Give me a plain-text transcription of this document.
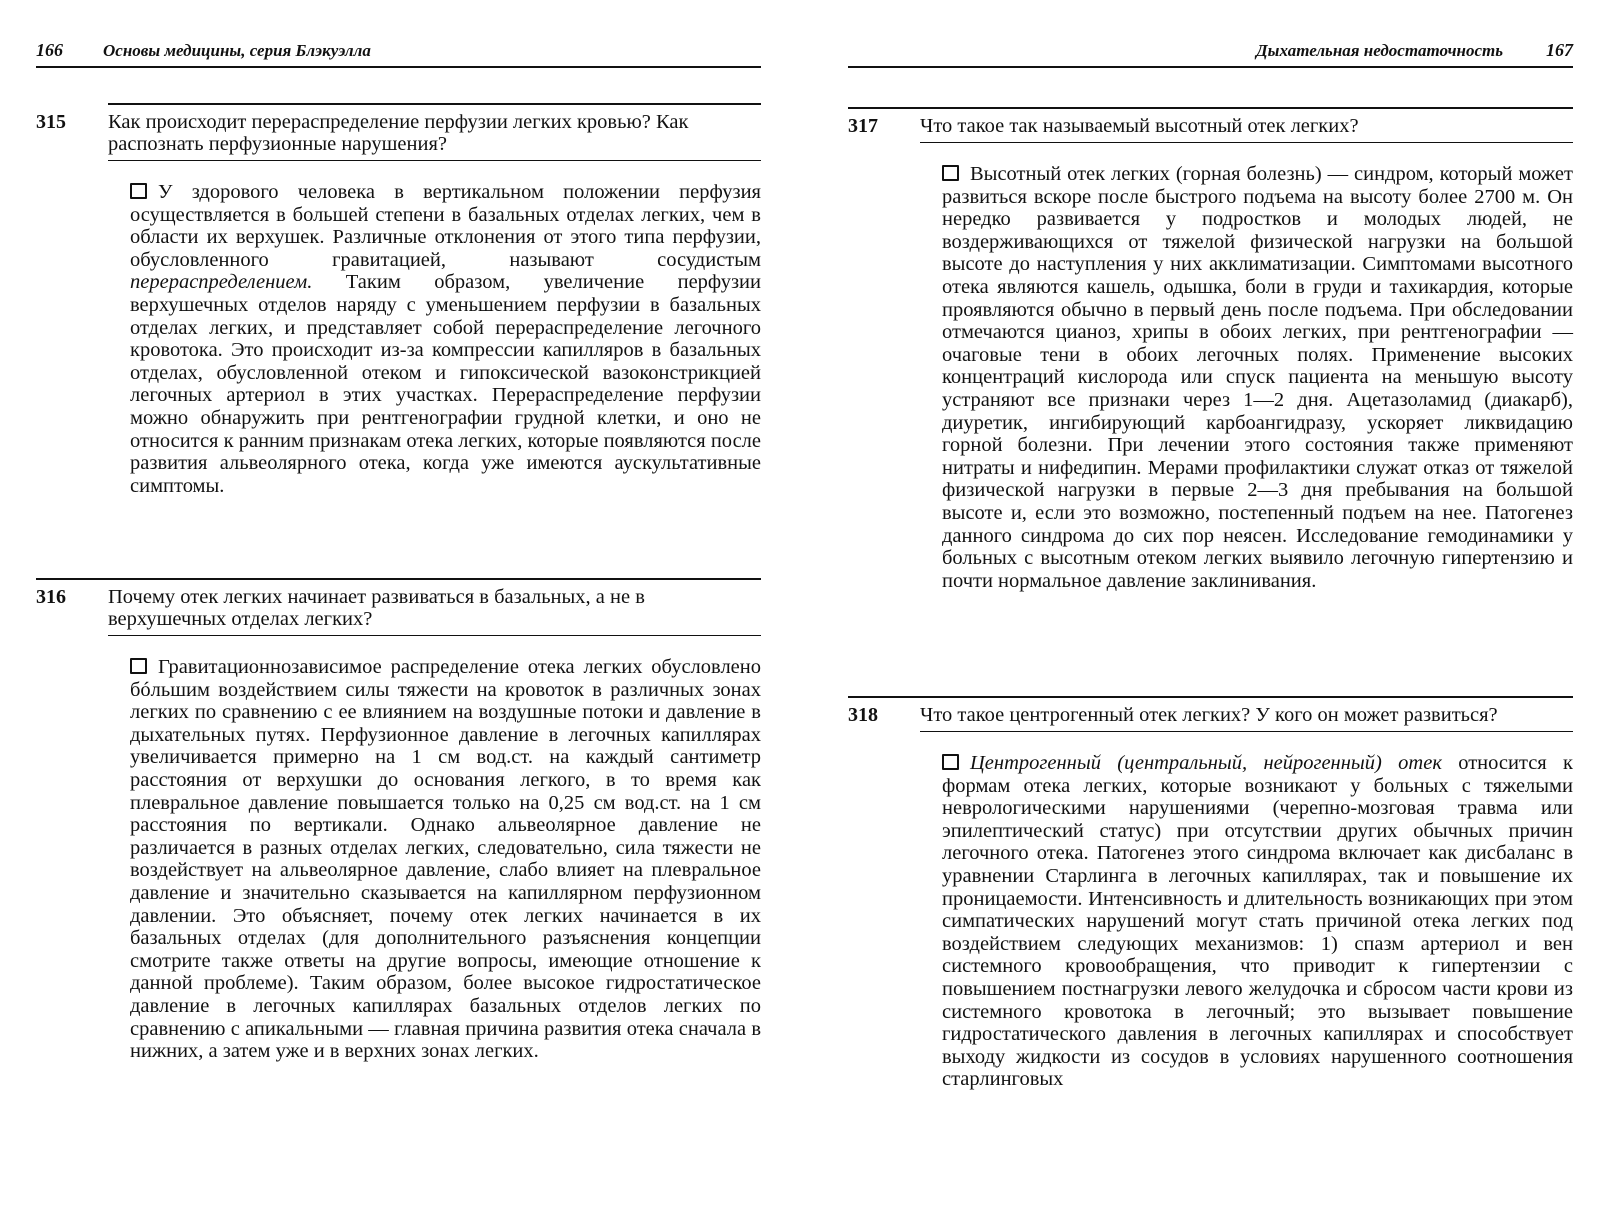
166 Основы медицины, серия Блэкуэлла
315 Как происходит перераспределение перфузии легких кровью? Как распознать перфузионные нарушения?
У здорового человека в вертикальном положении перфузия осуществляется в большей степени в базальных отделах легких, чем в области их верхушек. Различные отклонения от этого типа перфузии, обусловленного гравитацией, называют сосудистым перераспределением. Таким образом, увеличение перфузии верхушечных отделов наряду с уменьшением перфузии в базальных отделах легких, и представляет собой перераспределение легочного кровотока. Это происходит из-за компрессии капилляров в базальных отделах, обусловленной отеком и гипоксической вазоконстрикцией легочных артериол в этих участках. Перераспределение перфузии можно обнаружить при рентгенографии грудной клетки, и оно не относится к ранним признакам отека легких, которые появляются после развития альвеолярного отека, когда уже имеются аускультативные симптомы.
316 Почему отек легких начинает развиваться в базальных, а не в верхушечных отделах легких?
Гравитационнозависимое распределение отека легких обусловлено бóльшим воздействием силы тяжести на кровоток в различных зонах легких по сравнению с ее влиянием на воздушные потоки и давление в дыхательных путях. Перфузионное давление в легочных капиллярах увеличивается примерно на 1 см вод.ст. на каждый сантиметр расстояния от верхушки до основания легкого, в то время как плевральное давление повышается только на 0,25 см вод.ст. на 1 см расстояния по вертикали. Однако альвеолярное давление не различается в разных отделах легких, следовательно, сила тяжести не воздействует на альвеолярное давление, слабо влияет на плевральное давление и значительно сказывается на капиллярном перфузионном давлении. Это объясняет, почему отек легких начинается в их базальных отделах (для дополнительного разъяснения концепции смотрите также ответы на другие вопросы, имеющие отношение к данной проблеме). Таким образом, более высокое гидростатическое давление в легочных капиллярах базальных отделов легких по сравнению с апикальными — главная причина развития отека сначала в нижних, а затем уже и в верхних зонах легких.
Дыхательная недостаточность 167
317 Что такое так называемый высотный отек легких?
Высотный отек легких (горная болезнь) — синдром, который может развиться вскоре после быстрого подъема на высоту более 2700 м. Он нередко развивается у подростков и молодых людей, не воздерживающихся от тяжелой физической нагрузки на большой высоте до наступления у них акклиматизации. Симптомами высотного отека являются кашель, одышка, боли в груди и тахикардия, которые проявляются обычно в первый день после подъема. При обследовании отмечаются цианоз, хрипы в обоих легких, при рентгенографии — очаговые тени в обоих легочных полях. Применение высоких концентраций кислорода или спуск пациента на меньшую высоту устраняют все признаки через 1—2 дня. Ацетазоламид (диакарб), диуретик, ингибирующий карбоангидразу, ускоряет ликвидацию горной болезни. При лечении этого состояния также применяют нитраты и нифедипин. Мерами профилактики служат отказ от тяжелой физической нагрузки в первые 2—3 дня пребывания на большой высоте и, если это возможно, постепенный подъем на нее. Патогенез данного синдрома до сих пор неясен. Исследование гемодинамики у больных с высотным отеком легких выявило легочную гипертензию и почти нормальное давление заклинивания.
318 Что такое центрогенный отек легких? У кого он может развиться?
Центрогенный (центральный, нейрогенный) отек относится к формам отека легких, которые возникают у больных с тяжелыми неврологическими нарушениями (черепно-мозговая травма или эпилептический статус) при отсутствии других обычных причин легочного отека. Патогенез этого синдрома включает как дисбаланс в уравнении Старлинга в легочных капиллярах, так и повышение их проницаемости. Интенсивность и длительность возникающих при этом симпатических нарушений могут стать причиной отека легких под воздействием следующих механизмов: 1) спазм артериол и вен системного кровообращения, что приводит к гипертензии с повышением постнагрузки левого желудочка и сбросом части крови из системного кровотока в легочный; это вызывает повышение гидростатического давления в легочных капиллярах и способствует выходу жидкости из сосудов в условиях нарушенного соотношения старлинговых
